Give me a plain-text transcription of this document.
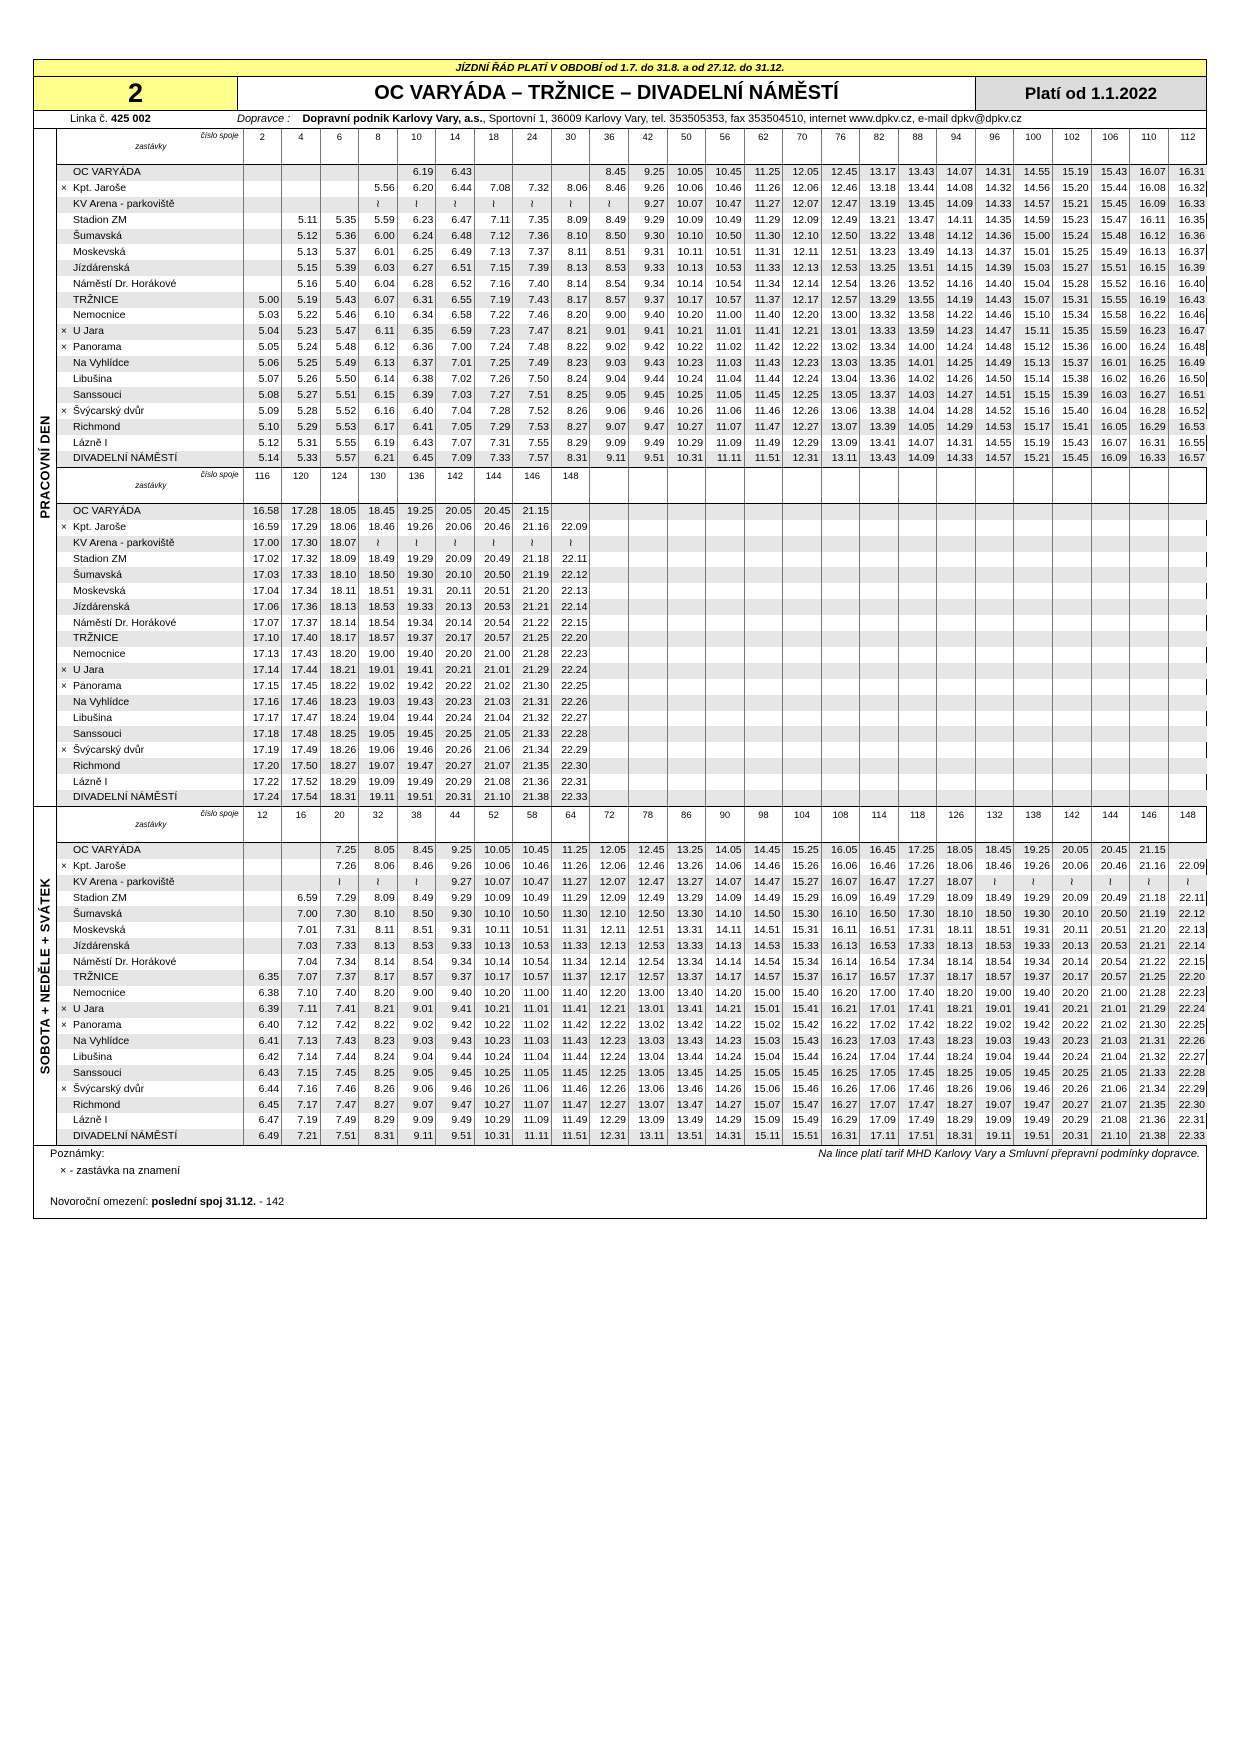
JÍZDNÍ ŘÁD PLATÍ V OBDOBÍ od 1.7. do 31.8. a od 27.12. do 31.12.
2	OC VARYÁDA – TRŽNICE – DIVADELNÍ NÁMĚSTÍ	Platí od 1.1.2022
Linka č. 425 002	Dopravce : Dopravní podnik Karlovy Vary, a.s., Sportovní 1, 36009 Karlovy Vary, tel. 353505353, fax 353504510, internet www.dpkv.cz, e-mail dpkv@dpkv.cz
PRACOVNÍ DEN
číslo spoje
zastávky	2	4	6	8	10	14	18	24	30	36	42	50	56	62	70	76	82	88	94	96	100	102	106	110	112
OC VARYÁDA					6.19	6.43				8.45	9.25	10.05	10.45	11.25	12.05	12.45	13.17	13.43	14.07	14.31	14.55	15.19	15.43	16.07	16.31
× Kpt. Jaroše				5.56	6.20	6.44	7.08	7.32	8.06	8.46	9.26	10.06	10.46	11.26	12.06	12.46	13.18	13.44	14.08	14.32	14.56	15.20	15.44	16.08	16.32
KV Arena - parkoviště				≀	≀	≀	≀	≀	≀	≀	9.27	10.07	10.47	11.27	12.07	12.47	13.19	13.45	14.09	14.33	14.57	15.21	15.45	16.09	16.33
Stadion ZM		5.11	5.35	5.59	6.23	6.47	7.11	7.35	8.09	8.49	9.29	10.09	10.49	11.29	12.09	12.49	13.21	13.47	14.11	14.35	14.59	15.23	15.47	16.11	16.35
Šumavská		5.12	5.36	6.00	6.24	6.48	7.12	7.36	8.10	8.50	9.30	10.10	10.50	11.30	12.10	12.50	13.22	13.48	14.12	14.36	15.00	15.24	15.48	16.12	16.36
Moskevská		5.13	5.37	6.01	6.25	6.49	7.13	7.37	8.11	8.51	9.31	10.11	10.51	11.31	12.11	12.51	13.23	13.49	14.13	14.37	15.01	15.25	15.49	16.13	16.37
Jízdárenská		5.15	5.39	6.03	6.27	6.51	7.15	7.39	8.13	8.53	9.33	10.13	10.53	11.33	12.13	12.53	13.25	13.51	14.15	14.39	15.03	15.27	15.51	16.15	16.39
Náměstí Dr. Horákové		5.16	5.40	6.04	6.28	6.52	7.16	7.40	8.14	8.54	9.34	10.14	10.54	11.34	12.14	12.54	13.26	13.52	14.16	14.40	15.04	15.28	15.52	16.16	16.40
TRŽNICE	5.00	5.19	5.43	6.07	6.31	6.55	7.19	7.43	8.17	8.57	9.37	10.17	10.57	11.37	12.17	12.57	13.29	13.55	14.19	14.43	15.07	15.31	15.55	16.19	16.43
Nemocnice	5.03	5.22	5.46	6.10	6.34	6.58	7.22	7.46	8.20	9.00	9.40	10.20	11.00	11.40	12.20	13.00	13.32	13.58	14.22	14.46	15.10	15.34	15.58	16.22	16.46
× U Jara	5.04	5.23	5.47	6.11	6.35	6.59	7.23	7.47	8.21	9.01	9.41	10.21	11.01	11.41	12.21	13.01	13.33	13.59	14.23	14.47	15.11	15.35	15.59	16.23	16.47
× Panorama	5.05	5.24	5.48	6.12	6.36	7.00	7.24	7.48	8.22	9.02	9.42	10.22	11.02	11.42	12.22	13.02	13.34	14.00	14.24	14.48	15.12	15.36	16.00	16.24	16.48
Na Vyhlídce	5.06	5.25	5.49	6.13	6.37	7.01	7.25	7.49	8.23	9.03	9.43	10.23	11.03	11.43	12.23	13.03	13.35	14.01	14.25	14.49	15.13	15.37	16.01	16.25	16.49
Libušina	5.07	5.26	5.50	6.14	6.38	7.02	7.26	7.50	8.24	9.04	9.44	10.24	11.04	11.44	12.24	13.04	13.36	14.02	14.26	14.50	15.14	15.38	16.02	16.26	16.50
Sanssouci	5.08	5.27	5.51	6.15	6.39	7.03	7.27	7.51	8.25	9.05	9.45	10.25	11.05	11.45	12.25	13.05	13.37	14.03	14.27	14.51	15.15	15.39	16.03	16.27	16.51
× Švýcarský dvůr	5.09	5.28	5.52	6.16	6.40	7.04	7.28	7.52	8.26	9.06	9.46	10.26	11.06	11.46	12.26	13.06	13.38	14.04	14.28	14.52	15.16	15.40	16.04	16.28	16.52
Richmond	5.10	5.29	5.53	6.17	6.41	7.05	7.29	7.53	8.27	9.07	9.47	10.27	11.07	11.47	12.27	13.07	13.39	14.05	14.29	14.53	15.17	15.41	16.05	16.29	16.53
Lázně I	5.12	5.31	5.55	6.19	6.43	7.07	7.31	7.55	8.29	9.09	9.49	10.29	11.09	11.49	12.29	13.09	13.41	14.07	14.31	14.55	15.19	15.43	16.07	16.31	16.55
DIVADELNÍ NÁMĚSTÍ	5.14	5.33	5.57	6.21	6.45	7.09	7.33	7.57	8.31	9.11	9.51	10.31	11.11	11.51	12.31	13.11	13.43	14.09	14.33	14.57	15.21	15.45	16.09	16.33	16.57
číslo spoje
zastávky	116	120	124	130	136	142	144	146	148																
OC VARYÁDA	16.58	17.28	18.05	18.45	19.25	20.05	20.45	21.15																	
× Kpt. Jaroše	16.59	17.29	18.06	18.46	19.26	20.06	20.46	21.16	22.09																
KV Arena - parkoviště	17.00	17.30	18.07	≀	≀	≀	≀	≀	≀																
Stadion ZM	17.02	17.32	18.09	18.49	19.29	20.09	20.49	21.18	22.11																
Šumavská	17.03	17.33	18.10	18.50	19.30	20.10	20.50	21.19	22.12																
Moskevská	17.04	17.34	18.11	18.51	19.31	20.11	20.51	21.20	22.13																
Jízdárenská	17.06	17.36	18.13	18.53	19.33	20.13	20.53	21.21	22.14																
Náměstí Dr. Horákové	17.07	17.37	18.14	18.54	19.34	20.14	20.54	21.22	22.15																
TRŽNICE	17.10	17.40	18.17	18.57	19.37	20.17	20.57	21.25	22.20																
Nemocnice	17.13	17.43	18.20	19.00	19.40	20.20	21.00	21.28	22.23																
× U Jara	17.14	17.44	18.21	19.01	19.41	20.21	21.01	21.29	22.24																
× Panorama	17.15	17.45	18.22	19.02	19.42	20.22	21.02	21.30	22.25																
Na Vyhlídce	17.16	17.46	18.23	19.03	19.43	20.23	21.03	21.31	22.26																
Libušina	17.17	17.47	18.24	19.04	19.44	20.24	21.04	21.32	22.27																
Sanssouci	17.18	17.48	18.25	19.05	19.45	20.25	21.05	21.33	22.28																
× Švýcarský dvůr	17.19	17.49	18.26	19.06	19.46	20.26	21.06	21.34	22.29																
Richmond	17.20	17.50	18.27	19.07	19.47	20.27	21.07	21.35	22.30																
Lázně I	17.22	17.52	18.29	19.09	19.49	20.29	21.08	21.36	22.31																
DIVADELNÍ NÁMĚSTÍ	17.24	17.54	18.31	19.11	19.51	20.31	21.10	21.38	22.33																
SOBOTA + NEDĚLE + SVÁTEK
číslo spoje
zastávky	12	16	20	32	38	44	52	58	64	72	78	86	90	98	104	108	114	118	126	132	138	142	144	146	148
OC VARYÁDA			7.25	8.05	8.45	9.25	10.05	10.45	11.25	12.05	12.45	13.25	14.05	14.45	15.25	16.05	16.45	17.25	18.05	18.45	19.25	20.05	20.45	21.15	
× Kpt. Jaroše			7.26	8.06	8.46	9.26	10.06	10.46	11.26	12.06	12.46	13.26	14.06	14.46	15.26	16.06	16.46	17.26	18.06	18.46	19.26	20.06	20.46	21.16	22.09
KV Arena - parkoviště			≀	≀	≀	9.27	10.07	10.47	11.27	12.07	12.47	13.27	14.07	14.47	15.27	16.07	16.47	17.27	18.07	≀	≀	≀	≀	≀	≀
Stadion ZM		6.59	7.29	8.09	8.49	9.29	10.09	10.49	11.29	12.09	12.49	13.29	14.09	14.49	15.29	16.09	16.49	17.29	18.09	18.49	19.29	20.09	20.49	21.18	22.11
Šumavská		7.00	7.30	8.10	8.50	9.30	10.10	10.50	11.30	12.10	12.50	13.30	14.10	14.50	15.30	16.10	16.50	17.30	18.10	18.50	19.30	20.10	20.50	21.19	22.12
Moskevská		7.01	7.31	8.11	8.51	9.31	10.11	10.51	11.31	12.11	12.51	13.31	14.11	14.51	15.31	16.11	16.51	17.31	18.11	18.51	19.31	20.11	20.51	21.20	22.13
Jízdárenská		7.03	7.33	8.13	8.53	9.33	10.13	10.53	11.33	12.13	12.53	13.33	14.13	14.53	15.33	16.13	16.53	17.33	18.13	18.53	19.33	20.13	20.53	21.21	22.14
Náměstí Dr. Horákové		7.04	7.34	8.14	8.54	9.34	10.14	10.54	11.34	12.14	12.54	13.34	14.14	14.54	15.34	16.14	16.54	17.34	18.14	18.54	19.34	20.14	20.54	21.22	22.15
TRŽNICE	6.35	7.07	7.37	8.17	8.57	9.37	10.17	10.57	11.37	12.17	12.57	13.37	14.17	14.57	15.37	16.17	16.57	17.37	18.17	18.57	19.37	20.17	20.57	21.25	22.20
Nemocnice	6.38	7.10	7.40	8.20	9.00	9.40	10.20	11.00	11.40	12.20	13.00	13.40	14.20	15.00	15.40	16.20	17.00	17.40	18.20	19.00	19.40	20.20	21.00	21.28	22.23
× U Jara	6.39	7.11	7.41	8.21	9.01	9.41	10.21	11.01	11.41	12.21	13.01	13.41	14.21	15.01	15.41	16.21	17.01	17.41	18.21	19.01	19.41	20.21	21.01	21.29	22.24
× Panorama	6.40	7.12	7.42	8.22	9.02	9.42	10.22	11.02	11.42	12.22	13.02	13.42	14.22	15.02	15.42	16.22	17.02	17.42	18.22	19.02	19.42	20.22	21.02	21.30	22.25
Na Vyhlídce	6.41	7.13	7.43	8.23	9.03	9.43	10.23	11.03	11.43	12.23	13.03	13.43	14.23	15.03	15.43	16.23	17.03	17.43	18.23	19.03	19.43	20.23	21.03	21.31	22.26
Libušina	6.42	7.14	7.44	8.24	9.04	9.44	10.24	11.04	11.44	12.24	13.04	13.44	14.24	15.04	15.44	16.24	17.04	17.44	18.24	19.04	19.44	20.24	21.04	21.32	22.27
Sanssouci	6.43	7.15	7.45	8.25	9.05	9.45	10.25	11.05	11.45	12.25	13.05	13.45	14.25	15.05	15.45	16.25	17.05	17.45	18.25	19.05	19.45	20.25	21.05	21.33	22.28
× Švýcarský dvůr	6.44	7.16	7.46	8.26	9.06	9.46	10.26	11.06	11.46	12.26	13.06	13.46	14.26	15.06	15.46	16.26	17.06	17.46	18.26	19.06	19.46	20.26	21.06	21.34	22.29
Richmond	6.45	7.17	7.47	8.27	9.07	9.47	10.27	11.07	11.47	12.27	13.07	13.47	14.27	15.07	15.47	16.27	17.07	17.47	18.27	19.07	19.47	20.27	21.07	21.35	22.30
Lázně I	6.47	7.19	7.49	8.29	9.09	9.49	10.29	11.09	11.49	12.29	13.09	13.49	14.29	15.09	15.49	16.29	17.09	17.49	18.29	19.09	19.49	20.29	21.08	21.36	22.31
DIVADELNÍ NÁMĚSTÍ	6.49	7.21	7.51	8.31	9.11	9.51	10.31	11.11	11.51	12.31	13.11	13.51	14.31	15.11	15.51	16.31	17.11	17.51	18.31	19.11	19.51	20.31	21.10	21.38	22.33
Poznámky:
× - zastávka na znamení
Na lince platí tarif MHD Karlovy Vary a Smluvní přepravní podmínky dopravce.
Novoroční omezení: poslední spoj 31.12. - 142
